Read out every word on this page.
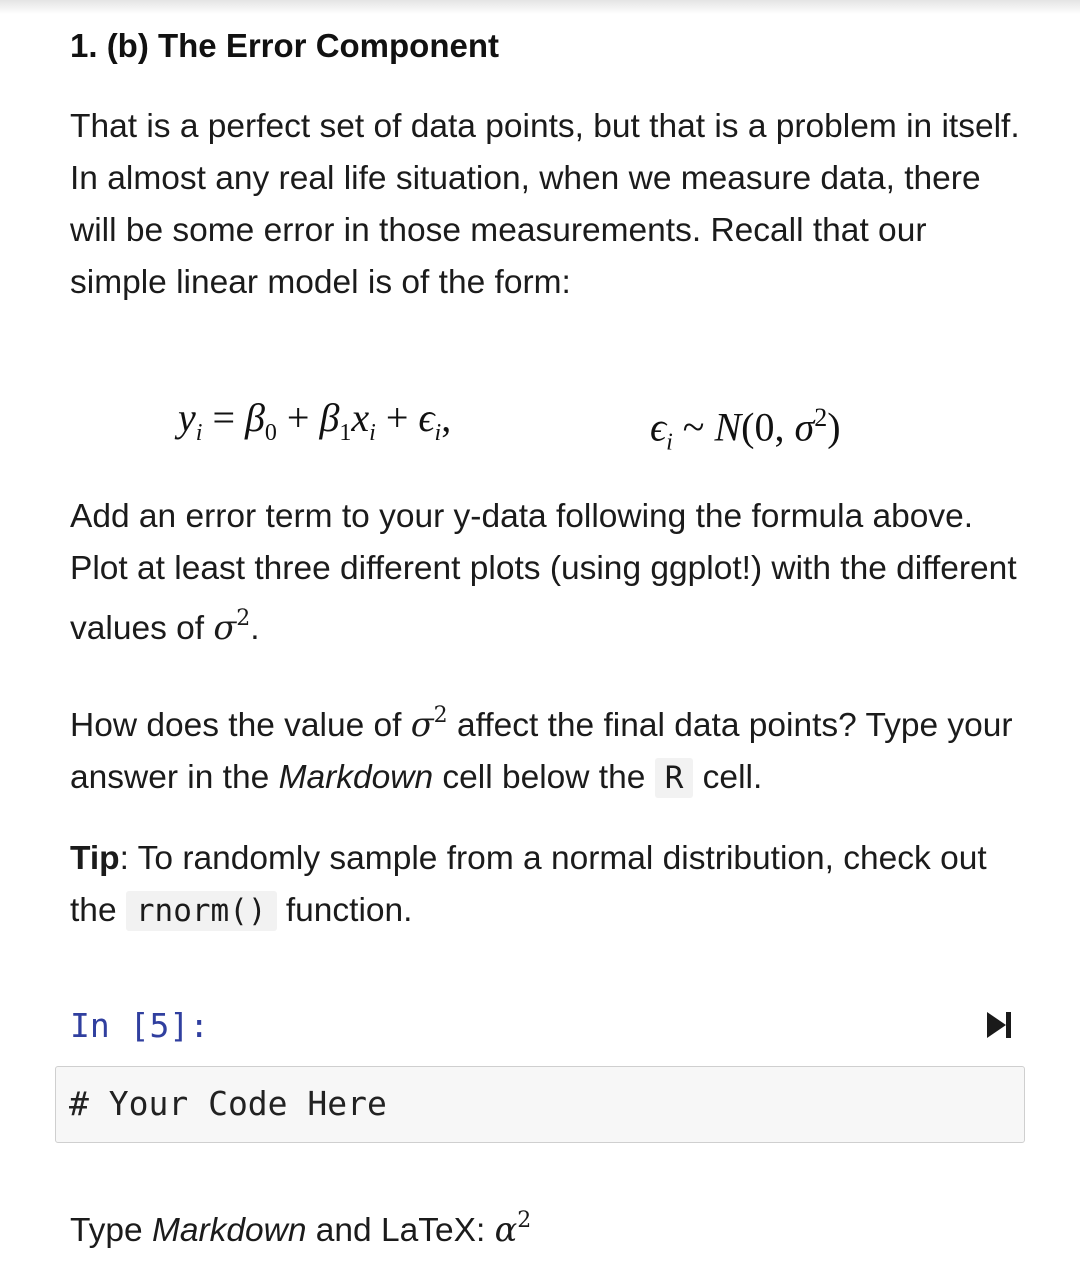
1. (b) The Error Component

That is a perfect set of data points, but that is a problem in itself. In almost any real life situation, when we measure data, there will be some error in those measurements. Recall that our simple linear model is of the form:

$y_i = \beta_0 + \beta_1x_i + \epsilon_i$,	$\epsilon_i$ ~ N(0, $\sigma^2$)

Add an error term to your y-data following the formula above. Plot at least three different plots (using ggplot!) with the different values of $\sigma^2$.

How does the value of $\sigma^2$ affect the final data points? Type your answer in the Markdown cell below the R cell.

Tip: To randomly sample from a normal distribution, check out the rnorm() function.

In [5]:
# Your Code Here
Type Markdown and LaTeX: $\alpha^2$
